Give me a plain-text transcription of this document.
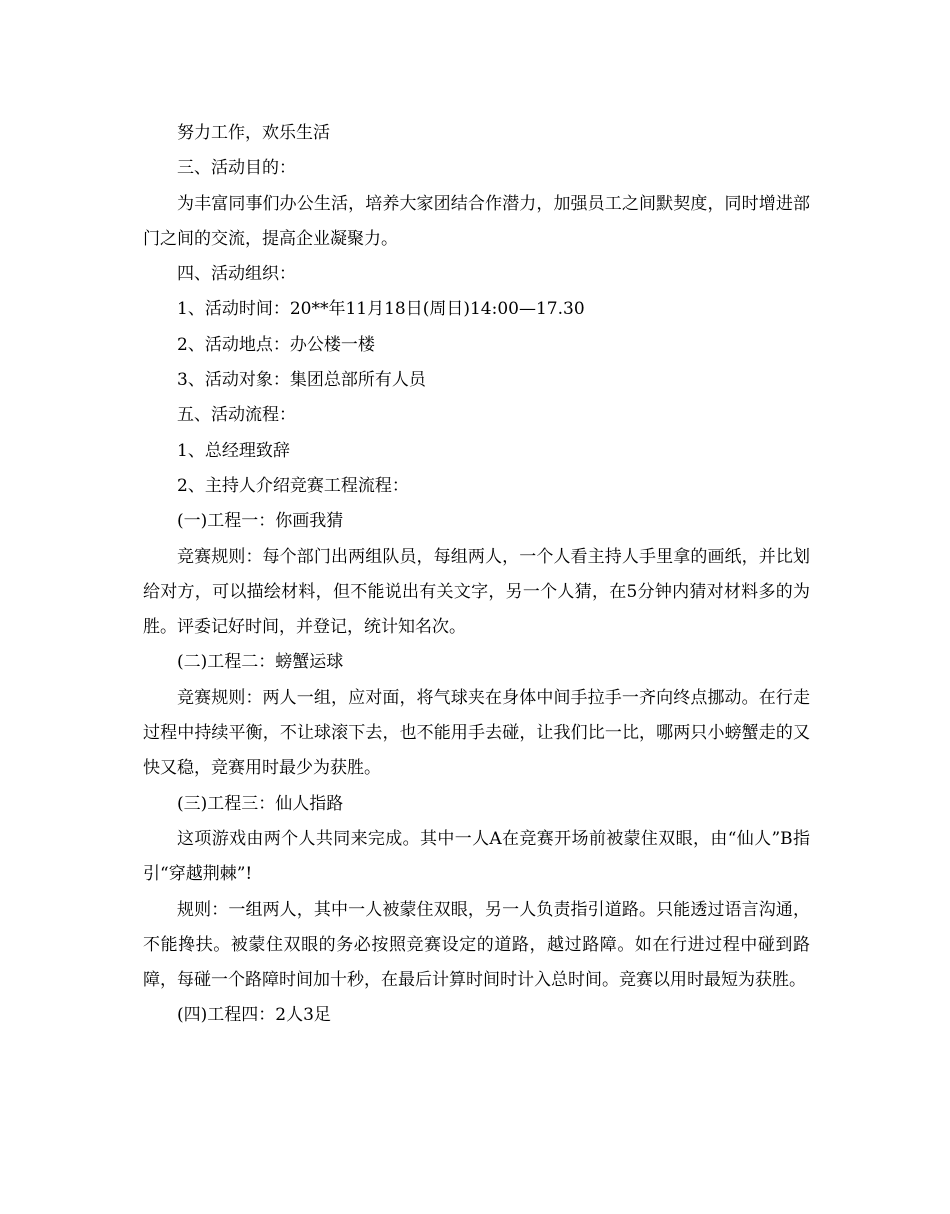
努力工作，欢乐生活

三、活动目的：

为丰富同事们办公生活，培养大家团结合作潜力，加强员工之间默契度，同时增进部门之间的交流，提高企业凝聚力。

四、活动组织：

1、活动时间：20**年11月18日(周日)14:00—17.30

2、活动地点：办公楼一楼

3、活动对象：集团总部所有人员

五、活动流程：

1、总经理致辞

2、主持人介绍竞赛工程流程：

(一)工程一：你画我猜

竞赛规则：每个部门出两组队员，每组两人，一个人看主持人手里拿的画纸，并比划给对方，可以描绘材料，但不能说出有关文字，另一个人猜，在5分钟内猜对材料多的为胜。评委记好时间，并登记，统计知名次。

(二)工程二：螃蟹运球

竞赛规则：两人一组，应对面，将气球夹在身体中间手拉手一齐向终点挪动。在行走过程中持续平衡，不让球滚下去，也不能用手去碰，让我们比一比，哪两只小螃蟹走的又快又稳，竞赛用时最少为获胜。

(三)工程三：仙人指路

这项游戏由两个人共同来完成。其中一人A在竞赛开场前被蒙住双眼，由“仙人”B指引“穿越荆棘”!

规则：一组两人，其中一人被蒙住双眼，另一人负责指引道路。只能透过语言沟通，不能搀扶。被蒙住双眼的务必按照竞赛设定的道路，越过路障。如在行进过程中碰到路障，每碰一个路障时间加十秒，在最后计算时间时计入总时间。竞赛以用时最短为获胜。

(四)工程四：2人3足
